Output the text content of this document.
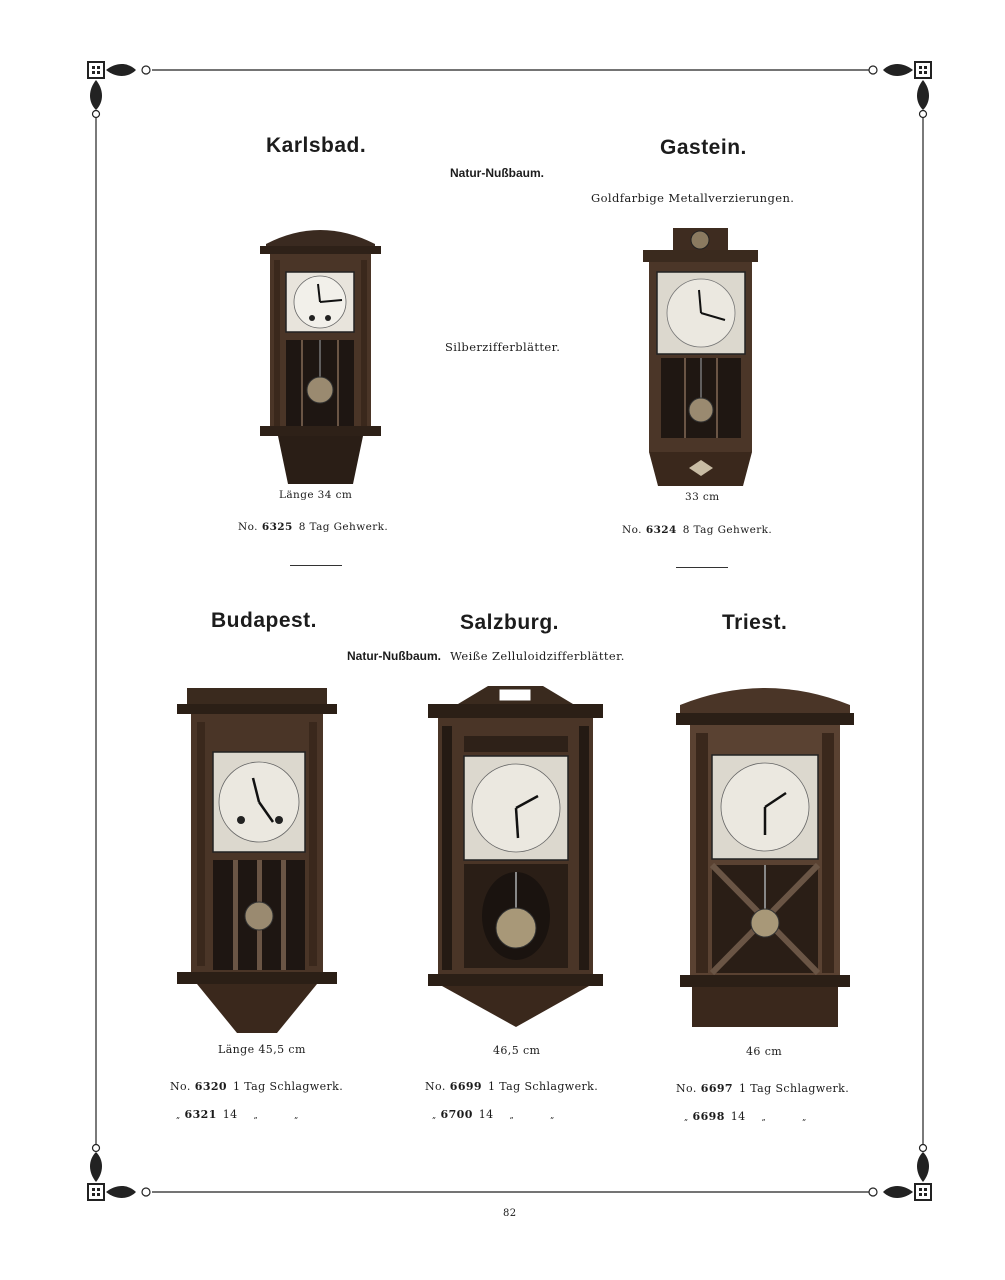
Karlsbad.	Gastein.
Natur-Nußbaum.
Goldfarbige Metallverzierungen.
Silberzifferblätter.
Länge 34 cm	33 cm
No. 6325 8 Tag Gehwerk.	No. 6324 8 Tag Gehwerk.
Budapest.	Salzburg.	Triest.
Natur-Nußbaum. Weiße Zelluloidzifferblätter.
Länge 45,5 cm	46,5 cm	46 cm
No. 6320 1 Tag Schlagwerk.	No. 6699 1 Tag Schlagwerk.	No. 6697 1 Tag Schlagwerk.
„ 6321 14 „	„	„ 6700 14 „	„	„ 6698 14 „	„
82
